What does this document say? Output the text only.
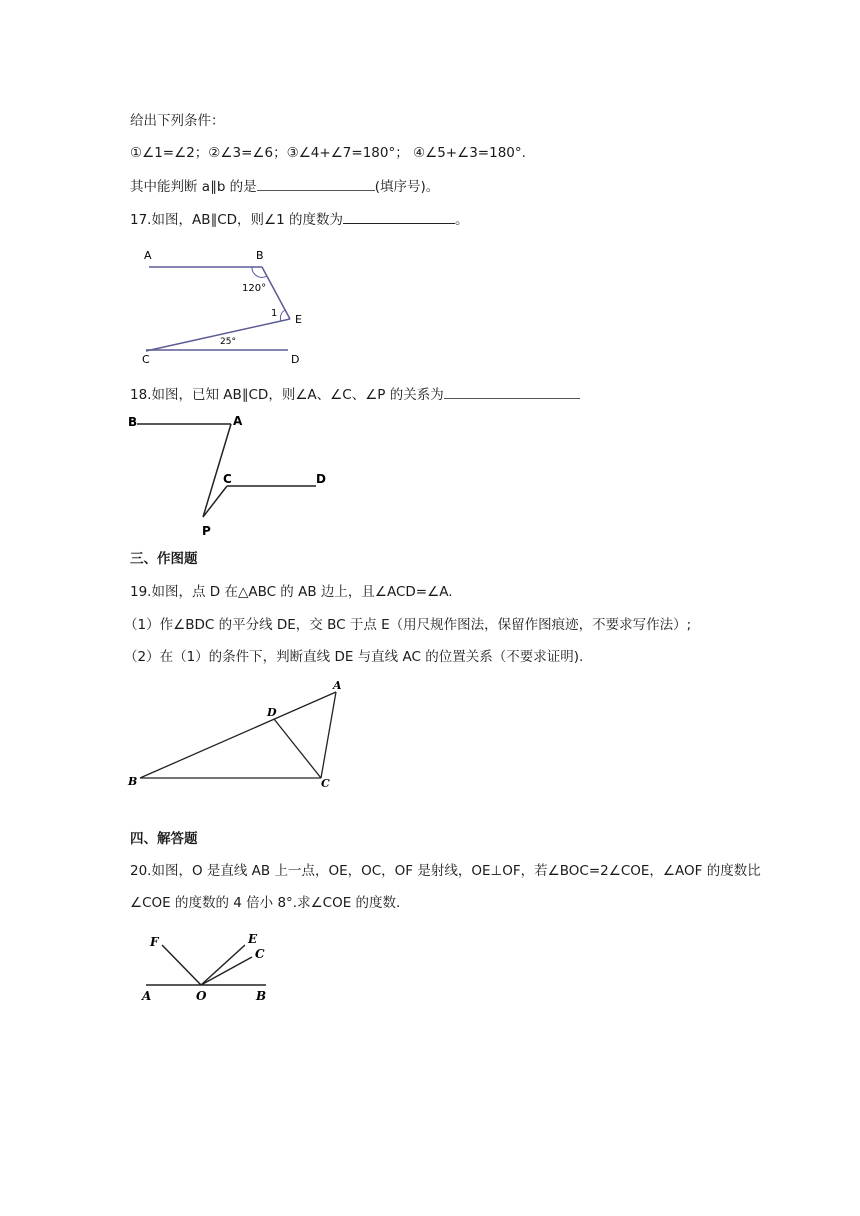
给出下列条件：
①∠1=∠2；②∠3=∠6；③∠4+∠7=180°； ④∠5+∠3=180°.
其中能判断 a∥b 的是	(填序号)。
17.如图，AB∥CD，则∠1 的度数为	。
A	B
E
C	D
120°
1
25°
18.如图，已知 AB∥CD，则∠A、∠C、∠P 的关系为
B	A
C	D
P
三、作图题
19.如图，点 D 在△ABC 的 AB 边上，且∠ACD=∠A.
（1）作∠BDC 的平分线 DE，交 BC 于点 E（用尺规作图法，保留作图痕迹，不要求写作法）;
（2）在（1）的条件下，判断直线 DE 与直线 AC 的位置关系（不要求证明).
A
D
B	C
四、解答题
20.如图，O 是直线 AB 上一点，OE，OC，OF 是射线，OE⊥OF，若∠BOC=2∠COE，∠AOF 的度数比
∠COE 的度数的 4 倍小 8°.求∠COE 的度数.
F	E
C
A	O	B
